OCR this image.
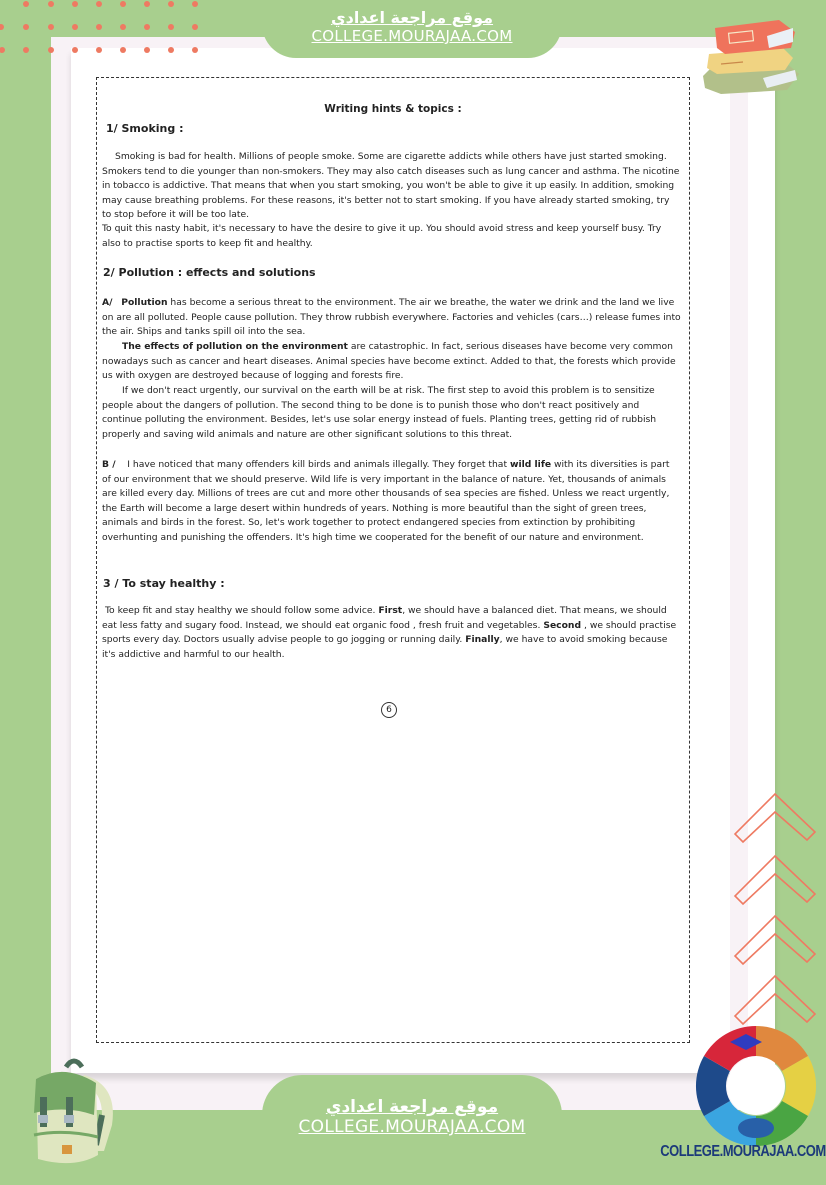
موقع مراجعة اعدادي
COLLEGE.MOURAJAA.COM
Writing hints & topics :
1/ Smoking :
Smoking is bad for health. Millions of people smoke. Some are cigarette addicts while others have just started smoking. Smokers tend to die younger than non-smokers. They may also catch diseases such as lung cancer and asthma. The nicotine in tobacco is addictive. That means that when you start smoking, you won't be able to give it up easily. In addition, smoking may cause breathing problems. For these reasons, it's better not to start smoking. If you have already started smoking, try to stop before it will be too late.
To quit this nasty habit, it's necessary to have the desire to give it up. You should avoid stress and keep yourself busy. Try also to practise sports to keep fit and healthy.
2/ Pollution : effects and solutions
A/ Pollution has become a serious threat to the environment. The air we breathe, the water we drink and the land we live on are all polluted. People cause pollution. They throw rubbish everywhere. Factories and vehicles (cars…) release fumes into the air. Ships and tanks spill oil into the sea.
The effects of pollution on the environment are catastrophic. In fact, serious diseases have become very common nowadays such as cancer and heart diseases. Animal species have become extinct. Added to that, the forests which provide us with oxygen are destroyed because of logging and forests fire.
If we don't react urgently, our survival on the earth will be at risk. The first step to avoid this problem is to sensitize people about the dangers of pollution. The second thing to be done is to punish those who don't react positively and continue polluting the environment. Besides, let's use solar energy instead of fuels. Planting trees, getting rid of rubbish properly and saving wild animals and nature are other significant solutions to this threat.
B / I have noticed that many offenders kill birds and animals illegally. They forget that wild life with its diversities is part of our environment that we should preserve. Wild life is very important in the balance of nature. Yet, thousands of animals are killed every day. Millions of trees are cut and more other thousands of sea species are fished. Unless we react urgently, the Earth will become a large desert within hundreds of years. Nothing is more beautiful than the sight of green trees, animals and birds in the forest. So, let's work together to protect endangered species from extinction by prohibiting overhunting and punishing the offenders. It's high time we cooperated for the benefit of our nature and environment.
3 / To stay healthy :
To keep fit and stay healthy we should follow some advice. First, we should have a balanced diet. That means, we should eat less fatty and sugary food. Instead, we should eat organic food , fresh fruit and vegetables. Second , we should practise sports every day. Doctors usually advise people to go jogging or running daily. Finally, we have to avoid smoking because it's addictive and harmful to our health.
6
موقع مراجعة اعدادي
COLLEGE.MOURAJAA.COM
COLLEGE.MOURAJAA.COM
